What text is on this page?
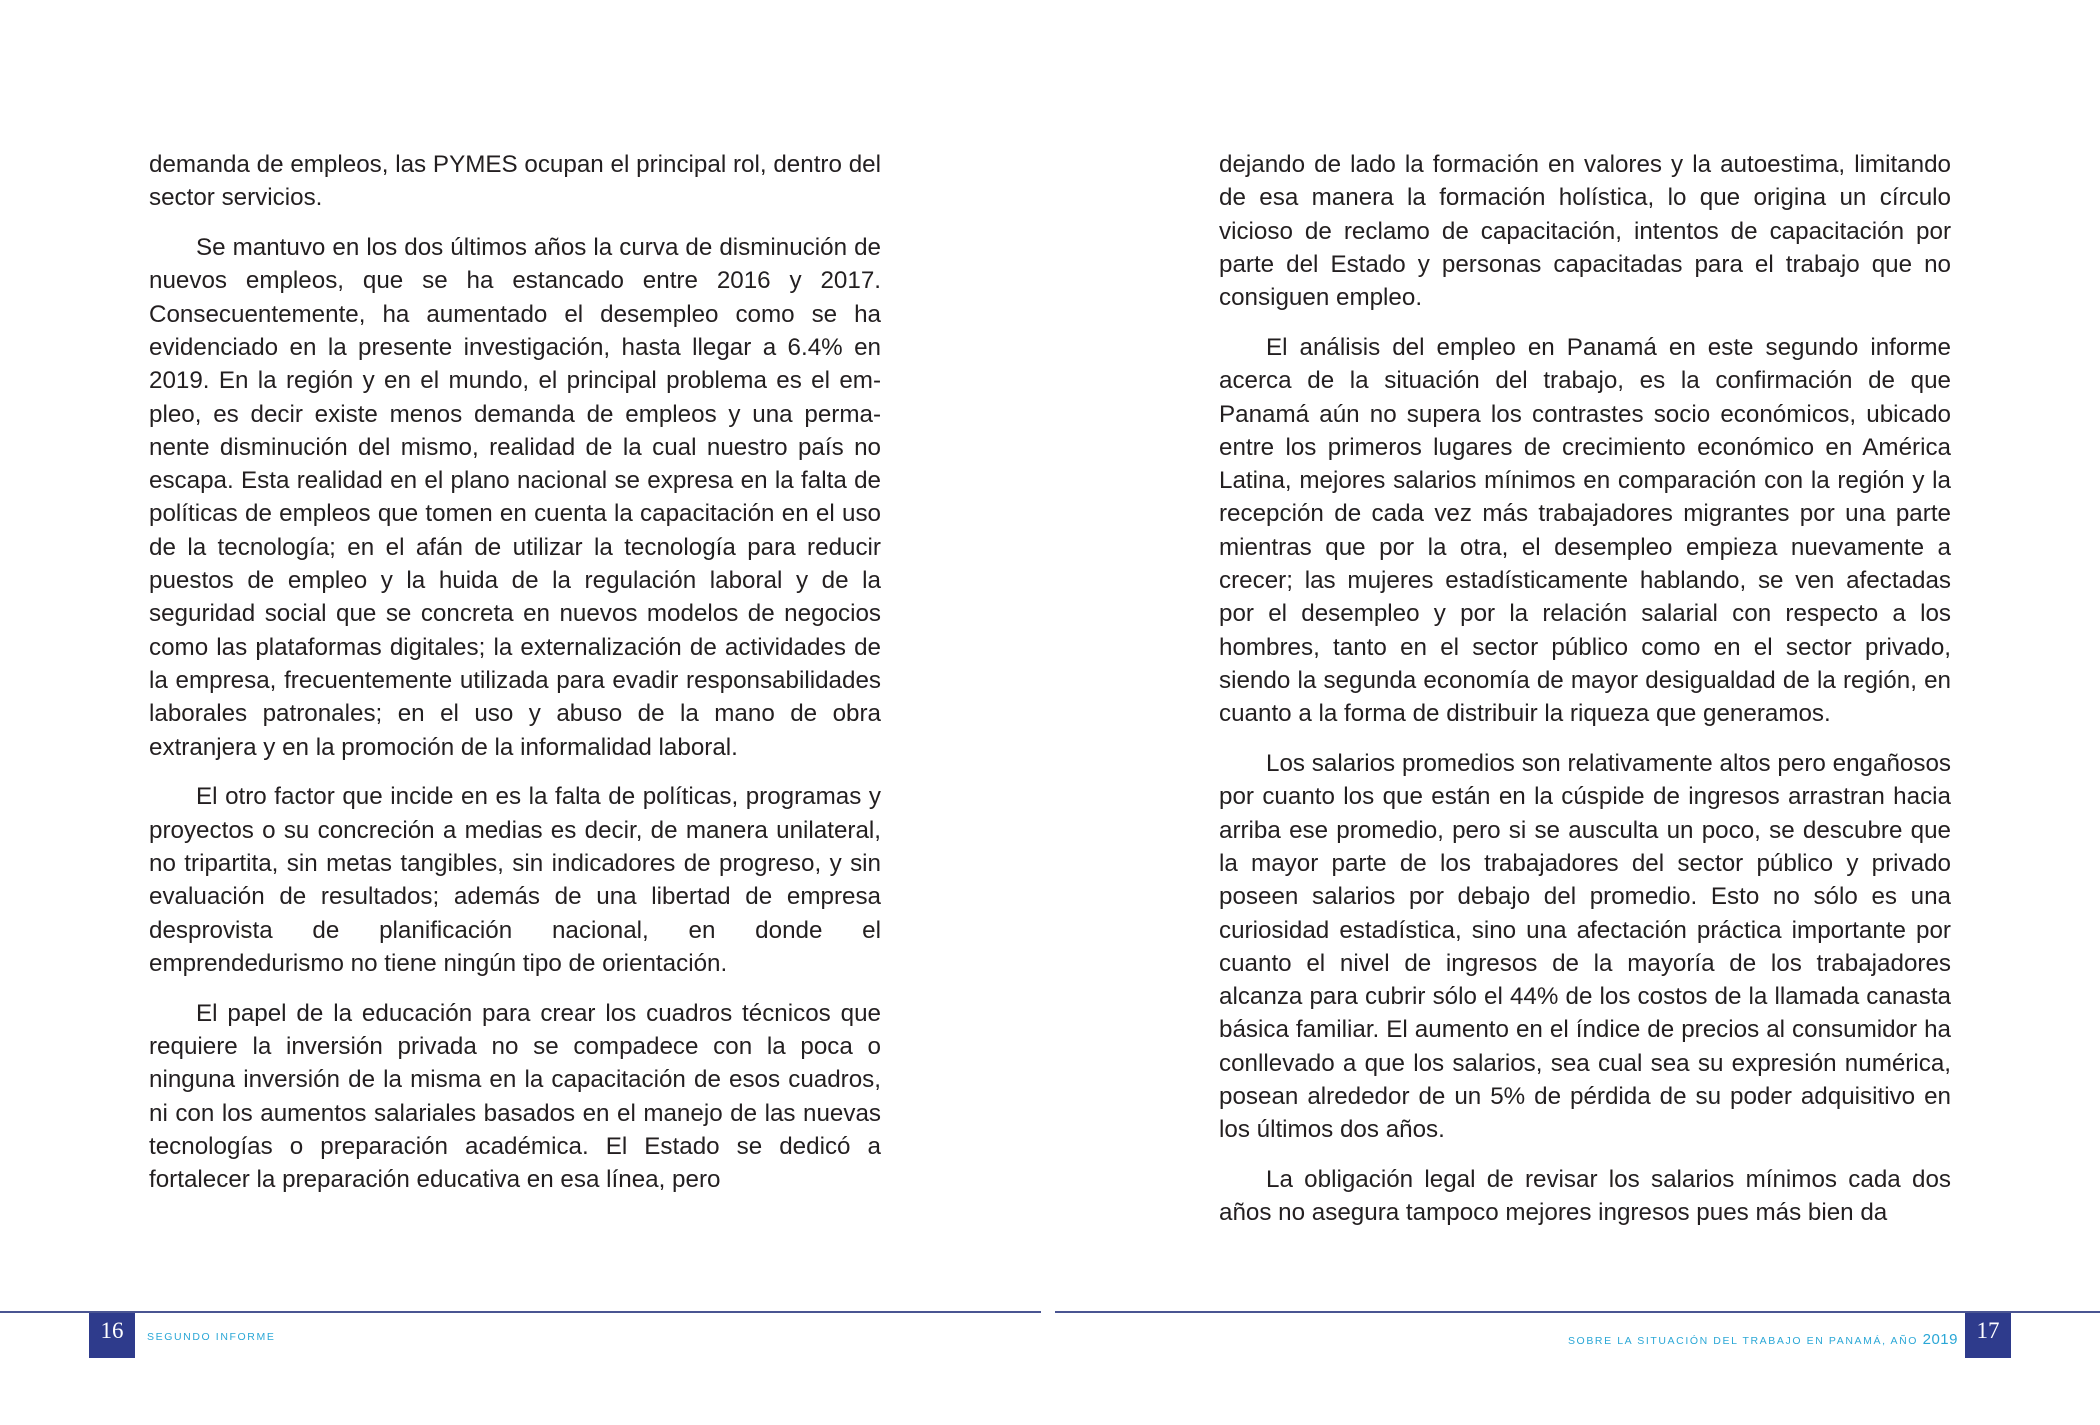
demanda de empleos, las PYMES ocupan el principal rol, dentro del sector servicios.

Se mantuvo en los dos últimos años la curva de disminución de nuevos empleos, que se ha estancado entre 2016 y 2017. Consecuentemente, ha aumentado el desempleo como se ha evidenciado en la presente investigación, hasta llegar a 6.4% en 2019. En la región y en el mundo, el principal problema es el empleo, es decir existe menos demanda de empleos y una permanente disminución del mismo, realidad de la cual nuestro país no escapa. Esta realidad en el plano nacional se expresa en la falta de políticas de empleos que tomen en cuenta la capacitación en el uso de la tecnología; en el afán de utilizar la tecnología para reducir puestos de empleo y la huida de la regulación laboral y de la seguridad social que se concreta en nuevos modelos de negocios como las plataformas digitales; la externalización de actividades de la empresa, frecuentemente utilizada para evadir responsabilidades laborales patronales; en el uso y abuso de la mano de obra extranjera y en la promoción de la informalidad laboral.

El otro factor que incide en es la falta de políticas, programas y proyectos o su concreción a medias es decir, de manera unilateral, no tripartita, sin metas tangibles, sin indicadores de progreso, y sin evaluación de resultados; además de una libertad de empresa desprovista de planificación nacional, en donde el emprendedurismo no tiene ningún tipo de orientación.

El papel de la educación para crear los cuadros técnicos que requiere la inversión privada no se compadece con la poca o ninguna inversión de la misma en la capacitación de esos cuadros, ni con los aumentos salariales basados en el manejo de las nuevas tecnologías o preparación académica. El Estado se dedicó a fortalecer la preparación educativa en esa línea, pero

16	SEGUNDO INFORME

dejando de lado la formación en valores y la autoestima, limitando de esa manera la formación holística, lo que origina un círculo vicioso de reclamo de capacitación, intentos de capacitación por parte del Estado y personas capacitadas para el trabajo que no consiguen empleo.

El análisis del empleo en Panamá en este segundo informe acerca de la situación del trabajo, es la confirmación de que Panamá aún no supera los contrastes socio económicos, ubicado entre los primeros lugares de crecimiento económico en América Latina, mejores salarios mínimos en comparación con la región y la recepción de cada vez más trabajadores migrantes por una parte mientras que por la otra, el desempleo empieza nuevamente a crecer; las mujeres estadísticamente hablando, se ven afectadas por el desempleo y por la relación salarial con respecto a los hombres, tanto en el sector público como en el sector privado, siendo la segunda economía de mayor desigualdad de la región, en cuanto a la forma de distribuir la riqueza que generamos.

Los salarios promedios son relativamente altos pero engañosos por cuanto los que están en la cúspide de ingresos arrastran hacia arriba ese promedio, pero si se ausculta un poco, se descubre que la mayor parte de los trabajadores del sector público y privado poseen salarios por debajo del promedio. Esto no sólo es una curiosidad estadística, sino una afectación práctica importante por cuanto el nivel de ingresos de la mayoría de los trabajadores alcanza para cubrir sólo el 44% de los costos de la llamada canasta básica familiar. El aumento en el índice de precios al consumidor ha conllevado a que los salarios, sea cual sea su expresión numérica, posean alrededor de un 5% de pérdida de su poder adquisitivo en los últimos dos años.

La obligación legal de revisar los salarios mínimos cada dos años no asegura tampoco mejores ingresos pues más bien da

SOBRE LA SITUACIÓN DEL TRABAJO EN PANAMÁ, AÑO 2019 17
